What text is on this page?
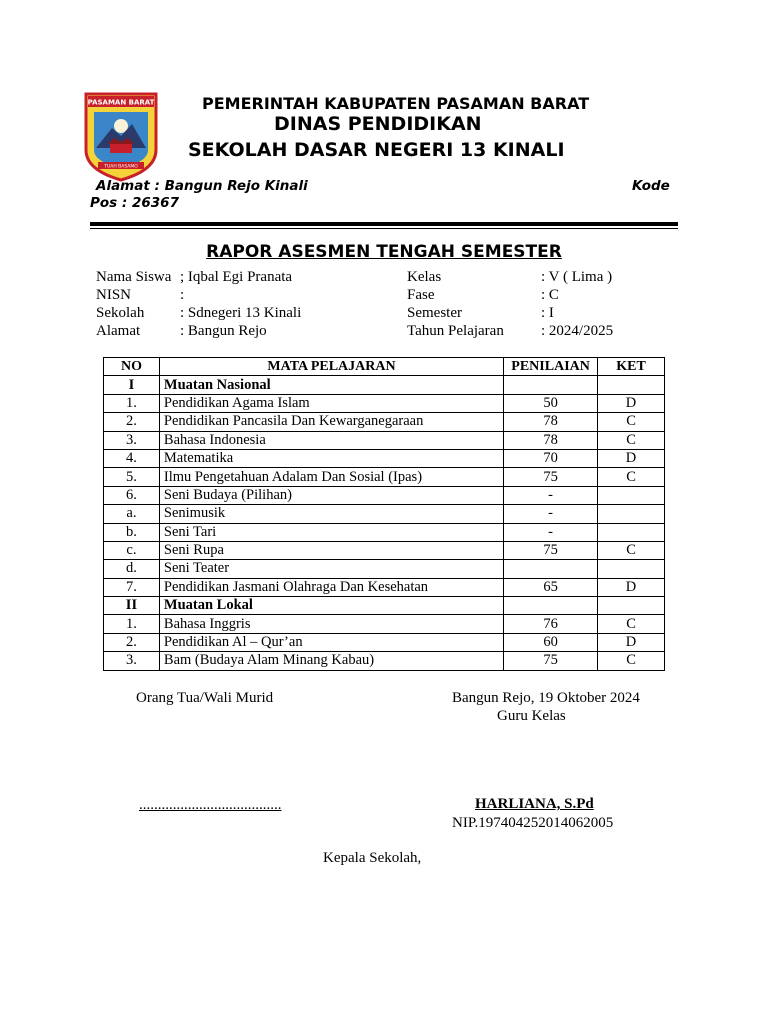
PASAMAN BARAT
TUAH BASAMO
PEMERINTAH KABUPATEN PASAMAN BARAT
DINAS PENDIDIKAN
SEKOLAH DASAR NEGERI 13 KINALI
Alamat : Bangun Rejo Kinali	Kode
Pos : 26367
RAPOR ASESMEN TENGAH SEMESTER
Nama Siswa ; Iqbal Egi Pranata
NISN	:
Sekolah : Sdnegeri 13 Kinali
Alamat	: Bangun Rejo
Kelas	: V ( Lima )
Fase	: C
Semester	: I
Tahun Pelajaran : 2024/2025
NO	MATA PELAJARAN	PENILAIAN	KET
I	Muatan Nasional		
1.	Pendidikan Agama Islam	50	D
2.	Pendidikan Pancasila Dan Kewarganegaraan	78	C
3.	Bahasa Indonesia	78	C
4.	Matematika	70	D
5.	Ilmu Pengetahuan Adalam Dan Sosial (Ipas)	75	C
6.	Seni Budaya (Pilihan)	-	
a.	Senimusik	-	
b.	Seni Tari	-	
c.	Seni Rupa	75	C
d.	Seni Teater		
7.	Pendidikan Jasmani Olahraga Dan Kesehatan	65	D
II	Muatan Lokal		
1.	Bahasa Inggris	76	C
2.	Pendidikan Al – Qur’an	60	D
3.	Bam (Budaya Alam Minang Kabau)	75	C
Orang Tua/Wali Murid	Bangun Rejo, 19 Oktober 2024
Guru Kelas
......................................	HARLIANA, S.Pd
NIP.197404252014062005
Kepala Sekolah,
